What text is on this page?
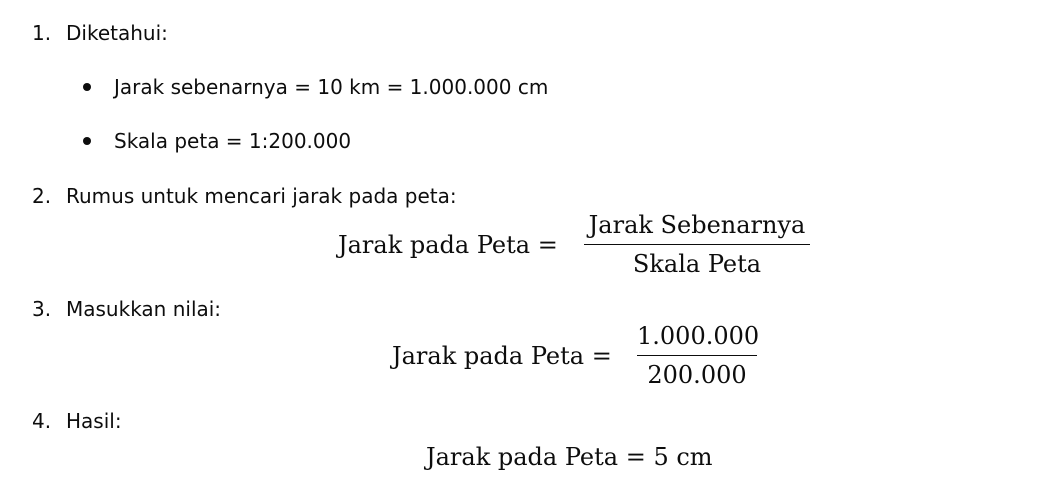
1. Diketahui:
Jarak sebenarnya = 10 km = 1.000.000 cm
Skala peta = 1:200.000
2. Rumus untuk mencari jarak pada peta:
Jarak pada Peta =
Jarak Sebenarnya
Skala Peta
3. Masukkan nilai:
Jarak pada Peta =
1.000.000
200.000
4. Hasil:
Jarak pada Peta = 5 cm
